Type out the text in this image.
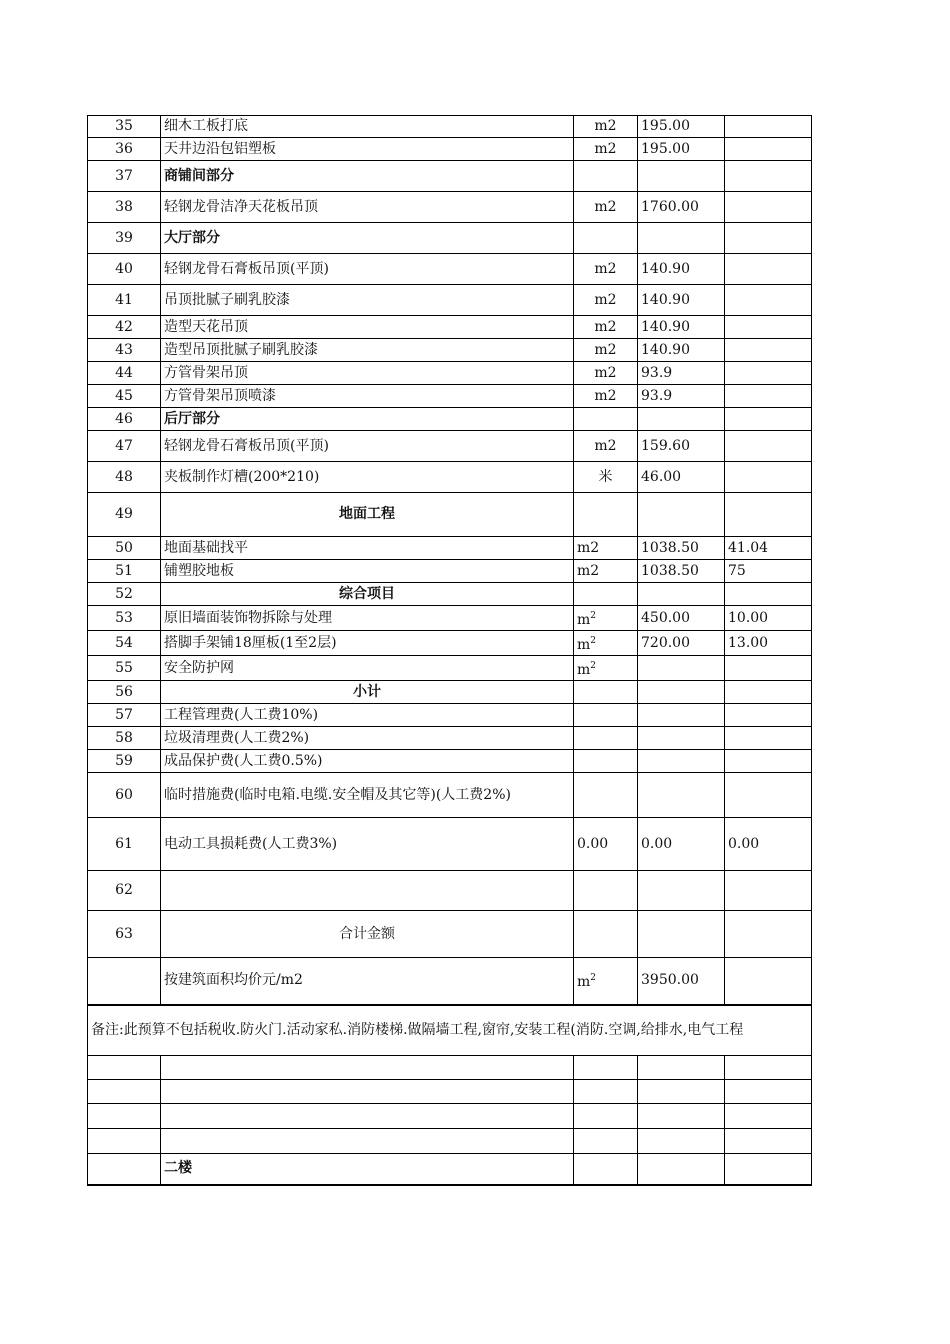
35	细木工板打底	m2	195.00	
36	天井边沿包铝塑板	m2	195.00	
37	商铺间部分			
38	轻钢龙骨洁净天花板吊顶	m2	1760.00	
39	大厅部分			
40	轻钢龙骨石膏板吊顶(平顶)	m2	140.90	
41	吊顶批腻子刷乳胶漆	m2	140.90	
42	造型天花吊顶	m2	140.90	
43	造型吊顶批腻子刷乳胶漆	m2	140.90	
44	方管骨架吊顶	m2	93.9	
45	方管骨架吊顶喷漆	m2	93.9	
46	后厅部分			
47	轻钢龙骨石膏板吊顶(平顶)	m2	159.60	
48	夹板制作灯槽(200*210)	米	46.00	
49	地面工程			
50	地面基础找平	m2	1038.50	41.04
51	铺塑胶地板	m2	1038.50	75
52	综合项目			
53	原旧墙面装饰物拆除与处理	$m^2$	450.00	10.00
54	搭脚手架铺18厘板(1至2层)	$m^2$	720.00	13.00
55	安全防护网	$m^2$		
56	小计			
57	工程管理费(人工费10%)			
58	垃圾清理费(人工费2%)			
59	成品保护费(人工费0.5%)			
60	临时措施费(临时电箱.电缆.安全帽及其它等)(人工费2%)			
61	电动工具损耗费(人工费3%)	0.00	0.00	0.00
62				
63	合计金额			
	按建筑面积均价元/m2	$m^2$	3950.00	
备注:此预算不包括税收.防火门.活动家私.消防楼梯.做隔墙工程,窗帘,安装工程(消防.空调,给排水,电气工程				

	二楼			
